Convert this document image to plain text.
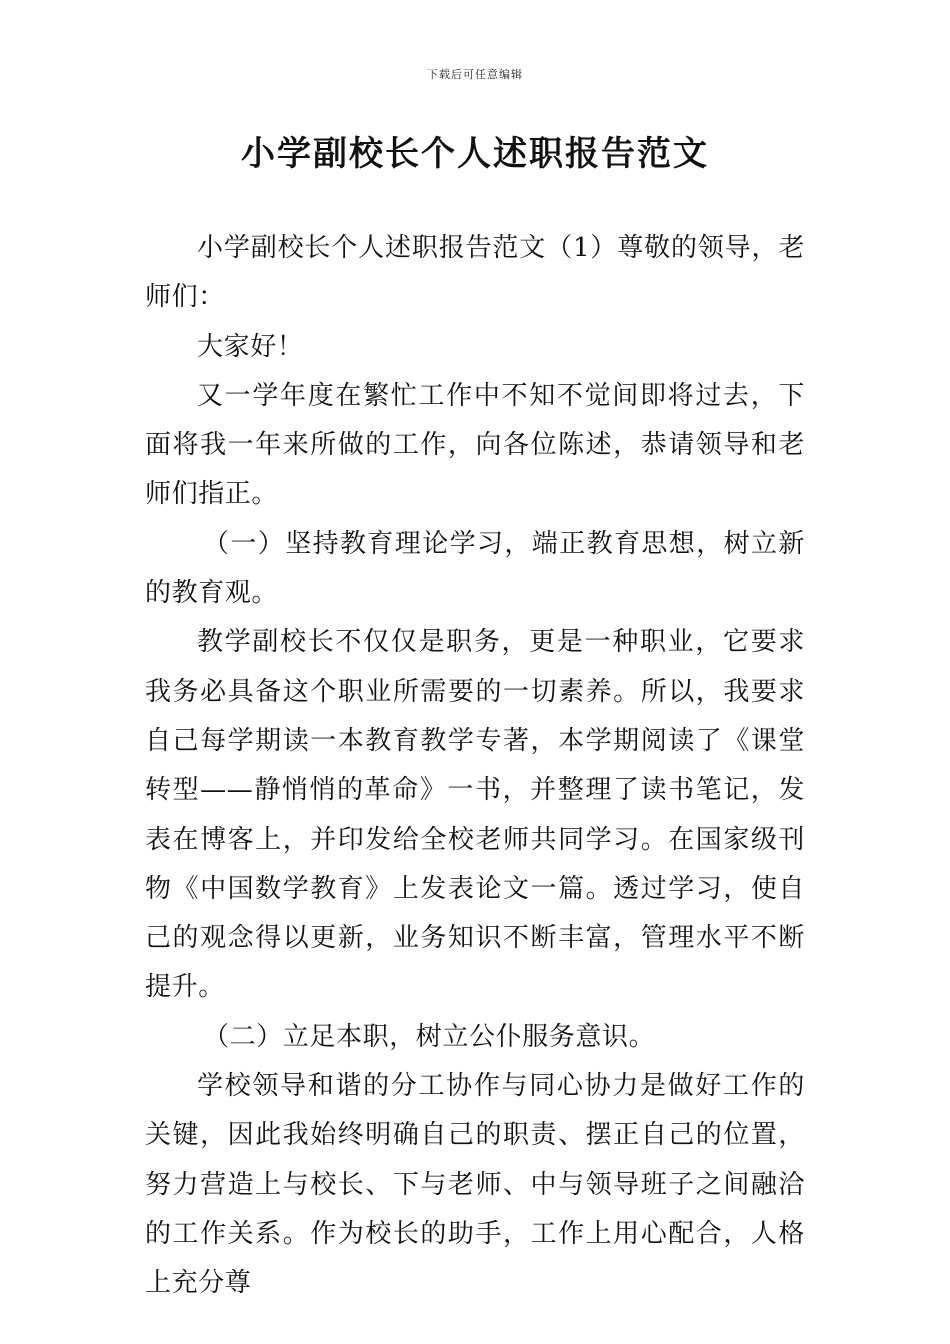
下载后可任意编辑
小学副校长个人述职报告范文

小学副校长个人述职报告范文（1）尊敬的领导，老师们：

大家好！

又一学年度在繁忙工作中不知不觉间即将过去，下面将我一年来所做的工作，向各位陈述，恭请领导和老师们指正。

（一）坚持教育理论学习，端正教育思想，树立新的教育观。

教学副校长不仅仅是职务，更是一种职业，它要求我务必具备这个职业所需要的一切素养。所以，我要求自己每学期读一本教育教学专著，本学期阅读了《课堂转型——静悄悄的革命》一书，并整理了读书笔记，发表在博客上，并印发给全校老师共同学习。在国家级刊物《中国数学教育》上发表论文一篇。透过学习，使自己的观念得以更新，业务知识不断丰富，管理水平不断提升。

（二）立足本职，树立公仆服务意识。

学校领导和谐的分工协作与同心协力是做好工作的关键，因此我始终明确自己的职责、摆正自己的位置，努力营造上与校长、下与老师、中与领导班子之间融洽的工作关系。作为校长的助手，工作上用心配合，人格上充分尊
